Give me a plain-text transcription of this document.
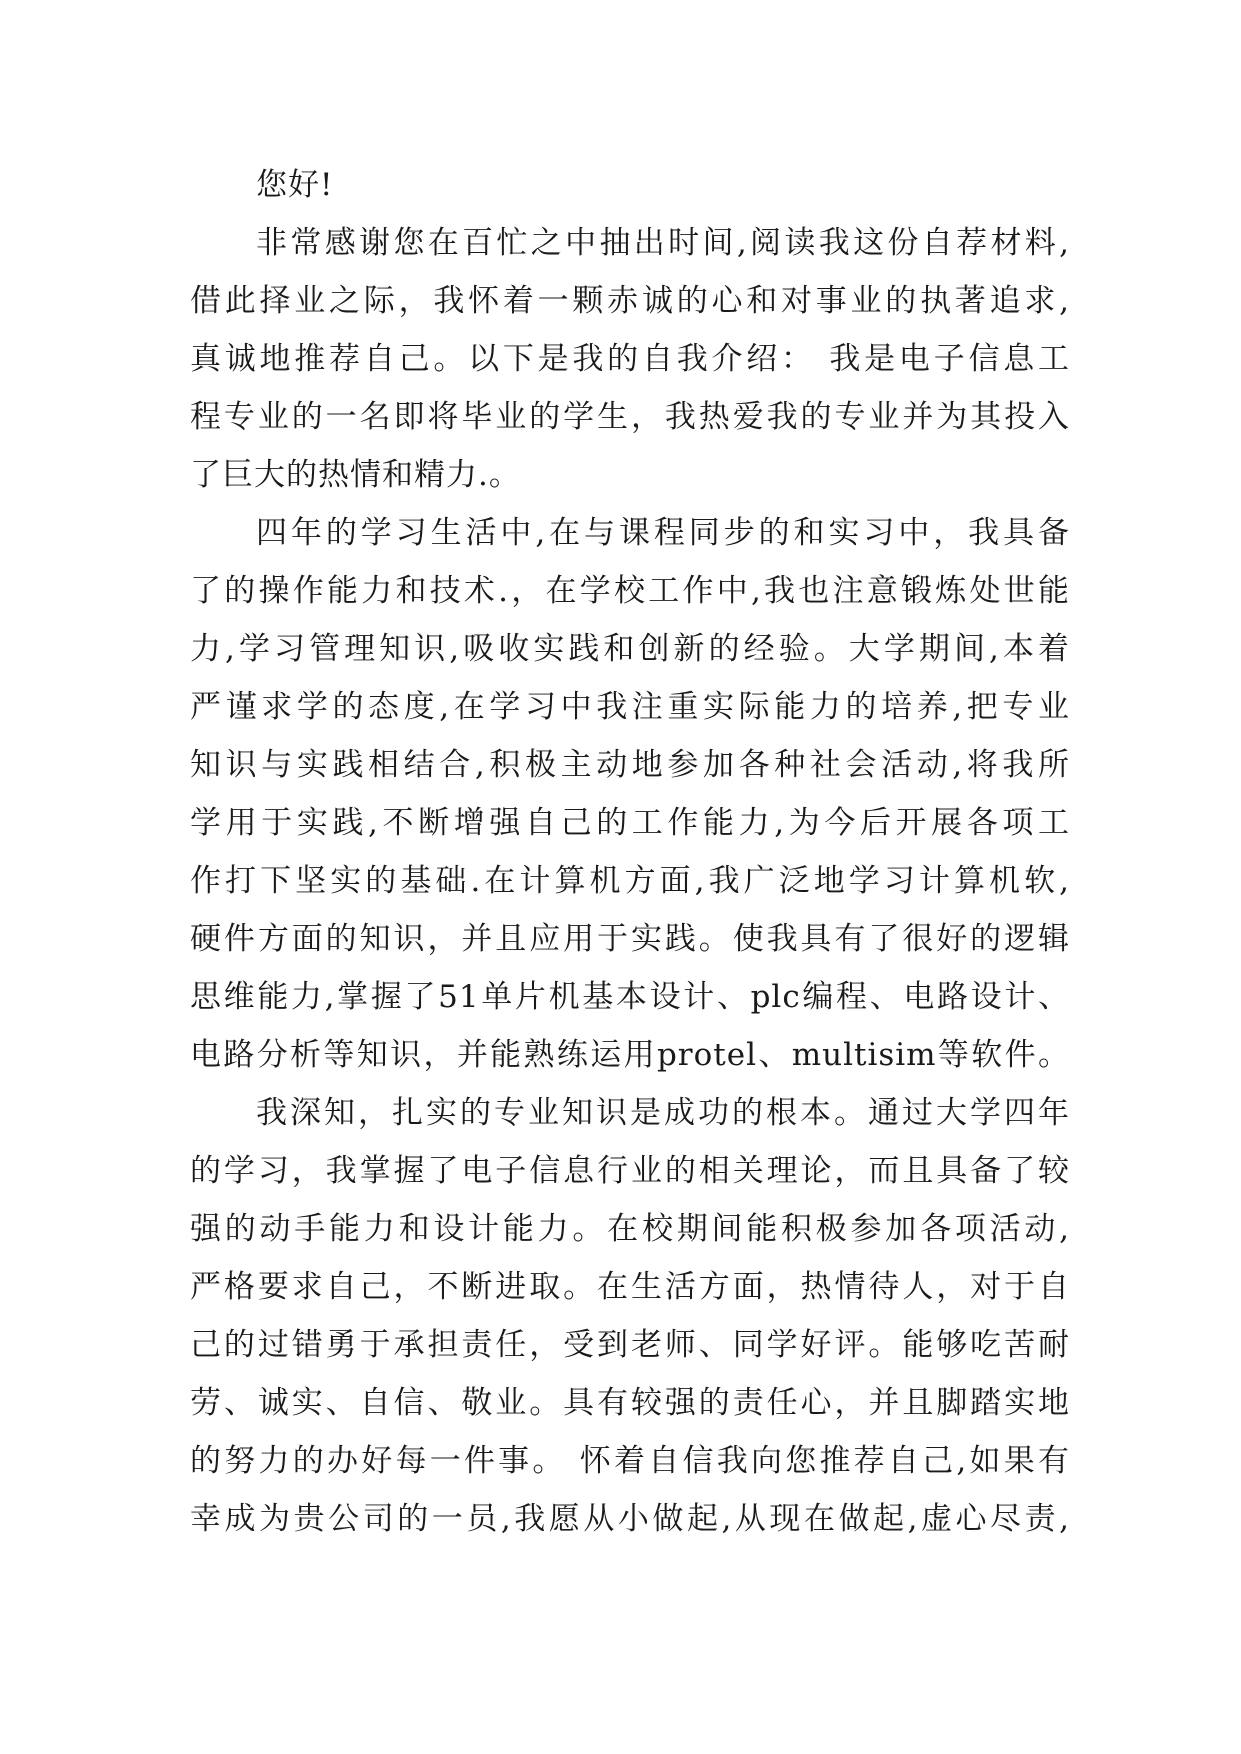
您好!
非常感谢您在百忙之中抽出时间,阅读我这份自荐材料,
借此择业之际，我怀着一颗赤诚的心和对事业的执著追求,
真诚地推荐自己。以下是我的自我介绍： 我是电子信息工
程专业的一名即将毕业的学生，我热爱我的专业并为其投入
了巨大的热情和精力.。
四年的学习生活中,在与课程同步的和实习中，我具备
了的操作能力和技术.，在学校工作中,我也注意锻炼处世能
力,学习管理知识,吸收实践和创新的经验。大学期间,本着
严谨求学的态度,在学习中我注重实际能力的培养,把专业
知识与实践相结合,积极主动地参加各种社会活动,将我所
学用于实践,不断增强自己的工作能力,为今后开展各项工
作打下坚实的基础.在计算机方面,我广泛地学习计算机软,
硬件方面的知识，并且应用于实践。使我具有了很好的逻辑
思维能力,掌握了51单片机基本设计、plc编程、电路设计、
电路分析等知识，并能熟练运用protel、multisim等软件。
我深知，扎实的专业知识是成功的根本。通过大学四年
的学习，我掌握了电子信息行业的相关理论，而且具备了较
强的动手能力和设计能力。在校期间能积极参加各项活动,
严格要求自己，不断进取。在生活方面，热情待人，对于自
己的过错勇于承担责任，受到老师、同学好评。能够吃苦耐
劳、诚实、自信、敬业。具有较强的责任心，并且脚踏实地
的努力的办好每一件事。 怀着自信我向您推荐自己,如果有
幸成为贵公司的一员,我愿从小做起,从现在做起,虚心尽责,
